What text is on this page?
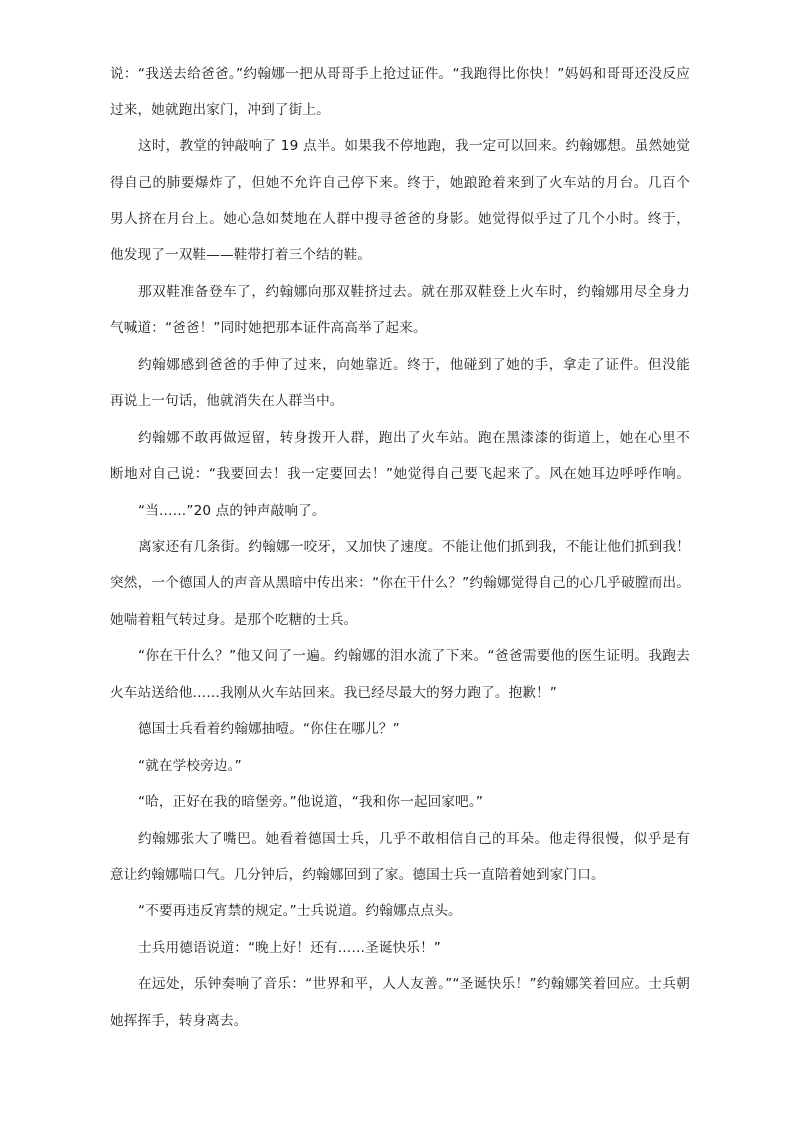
说：“我送去给爸爸。”约翰娜一把从哥哥手上抢过证件。“我跑得比你快！”妈妈和哥哥还没反应
过来，她就跑出家门，冲到了街上。
这时，教堂的钟敲响了 19 点半。如果我不停地跑，我一定可以回来。约翰娜想。虽然她觉
得自己的肺要爆炸了，但她不允许自己停下来。终于，她踉跄着来到了火车站的月台。几百个
男人挤在月台上。她心急如焚地在人群中搜寻爸爸的身影。她觉得似乎过了几个小时。终于，
他发现了一双鞋——鞋带打着三个结的鞋。
那双鞋准备登车了，约翰娜向那双鞋挤过去。就在那双鞋登上火车时，约翰娜用尽全身力
气喊道：“爸爸！”同时她把那本证件高高举了起来。
约翰娜感到爸爸的手伸了过来，向她靠近。终于，他碰到了她的手，拿走了证件。但没能
再说上一句话，他就消失在人群当中。
约翰娜不敢再做逗留，转身拨开人群，跑出了火车站。跑在黑漆漆的街道上，她在心里不
断地对自己说：“我要回去！我一定要回去！”她觉得自己要飞起来了。风在她耳边呼呼作响。
“当……”20 点的钟声敲响了。
离家还有几条街。约翰娜一咬牙，又加快了速度。不能让他们抓到我，不能让他们抓到我！
突然，一个德国人的声音从黑暗中传出来：“你在干什么？”约翰娜觉得自己的心几乎破膛而出。
她喘着粗气转过身。是那个吃糖的士兵。
“你在干什么？”他又问了一遍。约翰娜的泪水流了下来。“爸爸需要他的医生证明。我跑去
火车站送给他……我刚从火车站回来。我已经尽最大的努力跑了。抱歉！”
德国士兵看着约翰娜抽噎。“你住在哪儿？”
“就在学校旁边。”
“哈，正好在我的暗堡旁。”他说道，“我和你一起回家吧。”
约翰娜张大了嘴巴。她看着德国士兵，几乎不敢相信自己的耳朵。他走得很慢，似乎是有
意让约翰娜喘口气。几分钟后，约翰娜回到了家。德国士兵一直陪着她到家门口。
“不要再违反宵禁的规定。”士兵说道。约翰娜点点头。
士兵用德语说道：“晚上好！还有……圣诞快乐！”
在远处，乐钟奏响了音乐：“世界和平，人人友善。”“圣诞快乐！”约翰娜笑着回应。士兵朝
她挥挥手，转身离去。
